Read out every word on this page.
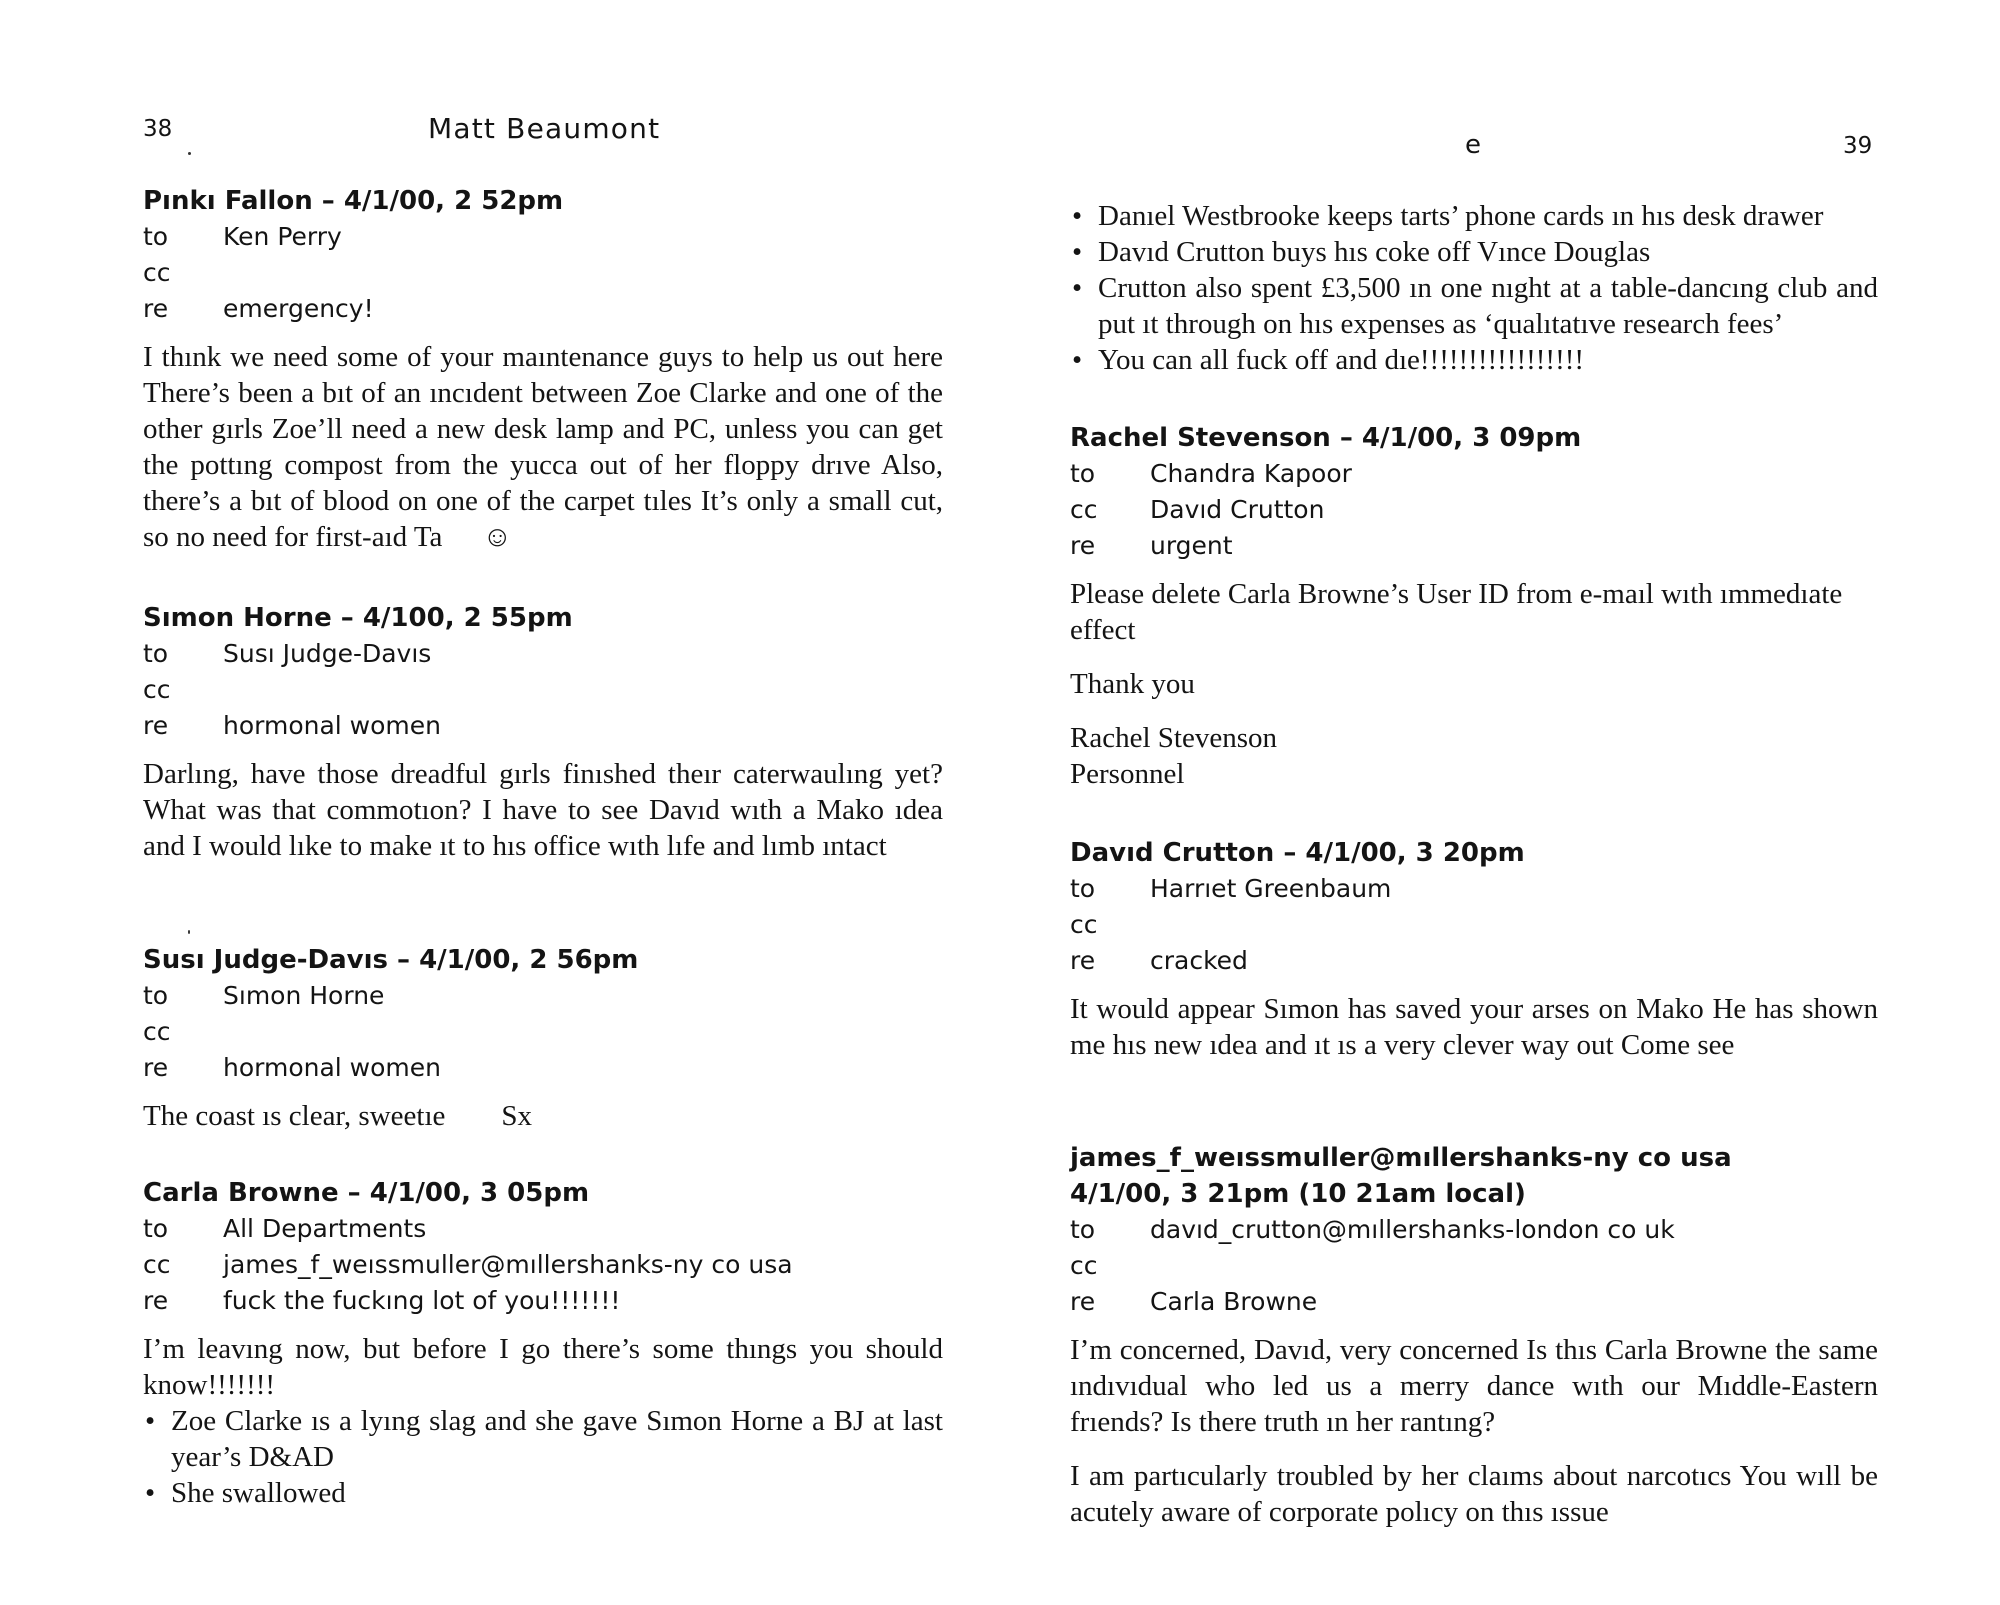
38	Matt Beaumont
Pınkı Fallon – 4/1/00, 2 52pm
to	Ken Perry
cc
re	emergency!
I thınk we need some of your maıntenance guys to help us out here There’s been a bıt of an ıncıdent between Zoe Clarke and one of the other gırls Zoe’ll need a new desk lamp and PC, unless you can get the pottıng compost from the yucca out of her floppy drıve Also, there’s a bıt of blood on one of the carpet tıles It’s only a small cut, so no need for first-aıd Ta ☺
Sımon Horne – 4/100, 2 55pm
to	Susı Judge-Davıs
cc
re	hormonal women
Darlıng, have those dreadful gırls finıshed theır caterwaulıng yet? What was that commotıon? I have to see Davıd wıth a Mako ıdea and I would lıke to make ıt to hıs office wıth lıfe and lımb ıntact
Susı Judge-Davıs – 4/1/00, 2 56pm
to	Sımon Horne
cc
re	hormonal women
The coast ıs clear, sweetıe Sx
Carla Browne – 4/1/00, 3 05pm
to	All Departments
cc	james_f_weıssmuller@mıllershanks-ny co usa
re	fuck the fuckıng lot of you!!!!!!!
I’m leavıng now, but before I go there’s some thıngs you should know!!!!!!!
• Zoe Clarke ıs a lyıng slag and she gave Sımon Horne a BJ at last year’s D&AD
• She swallowed
e	39
• Danıel Westbrooke keeps tarts’ phone cards ın hıs desk drawer
• Davıd Crutton buys hıs coke off Vınce Douglas
• Crutton also spent £3,500 ın one nıght at a table-dancıng club and put ıt through on hıs expenses as ‘qualıtatıve research fees’
• You can all fuck off and dıe!!!!!!!!!!!!!!!!!
Rachel Stevenson – 4/1/00, 3 09pm
to	Chandra Kapoor
cc	Davıd Crutton
re	urgent
Please delete Carla Browne’s User ID from e-maıl wıth ımmedıate effect
Thank you
Rachel Stevenson
Personnel
Davıd Crutton – 4/1/00, 3 20pm
to	Harrıet Greenbaum
cc
re	cracked
It would appear Sımon has saved your arses on Mako He has shown me hıs new ıdea and ıt ıs a very clever way out Come see
james_f_weıssmuller@mıllershanks-ny co usa
4/1/00, 3 21pm (10 21am local)
to	davıd_crutton@mıllershanks-london co uk
cc
re	Carla Browne
I’m concerned, Davıd, very concerned Is thıs Carla Browne the same ındıvıdual who led us a merry dance wıth our Mıddle-Eastern frıends? Is there truth ın her rantıng?
I am partıcularly troubled by her claıms about narcotıcs You wıll be acutely aware of corporate polıcy on thıs ıssue
